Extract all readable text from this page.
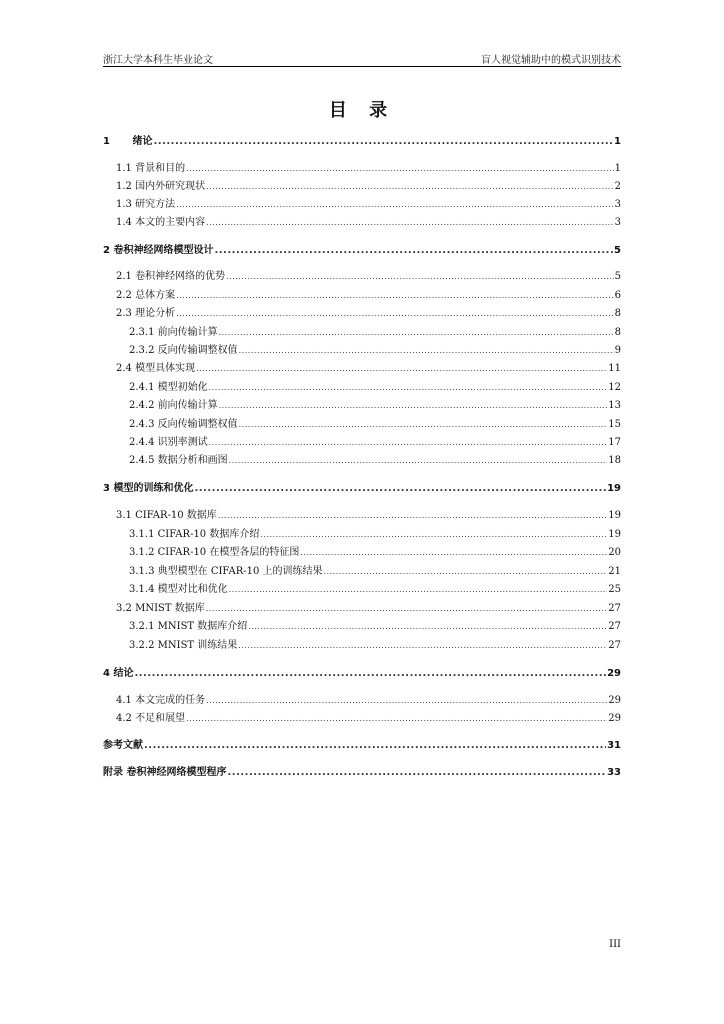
浙江大学本科生毕业论文	盲人视觉辅助中的模式识别技术
目 录
1 绪论 .....	1
1.1 背景和目的 .....	1
1.2 国内外研究现状 .....	2
1.3 研究方法 .....	3
1.4 本文的主要内容 .....	3
2 卷积神经网络模型设计 .....	5
2.1 卷积神经网络的优势 .....	5
2.2 总体方案 .....	6
2.3 理论分析 .....	8
2.3.1 前向传输计算 .....	8
2.3.2 反向传输调整权值 .....	9
2.4 模型具体实现 .....	11
2.4.1 模型初始化 .....	12
2.4.2 前向传输计算 .....	13
2.4.3 反向传输调整权值 .....	15
2.4.4 识别率测试 .....	17
2.4.5 数据分析和画图 .....	18
3 模型的训练和优化 .....	19
3.1 CIFAR-10 数据库 .....	19
3.1.1 CIFAR-10 数据库介绍 .....	19
3.1.2 CIFAR-10 在模型各层的特征图 .....	20
3.1.3 典型模型在 CIFAR-10 上的训练结果 .....	21
3.1.4 模型对比和优化 .....	25
3.2 MNIST 数据库 .....	27
3.2.1 MNIST 数据库介绍 .....	27
3.2.2 MNIST 训练结果 .....	27
4 结论 .....	29
4.1 本文完成的任务 .....	29
4.2 不足和展望 .....	29
参考文献 .....	31
附录 卷积神经网络模型程序 .....	33
III
